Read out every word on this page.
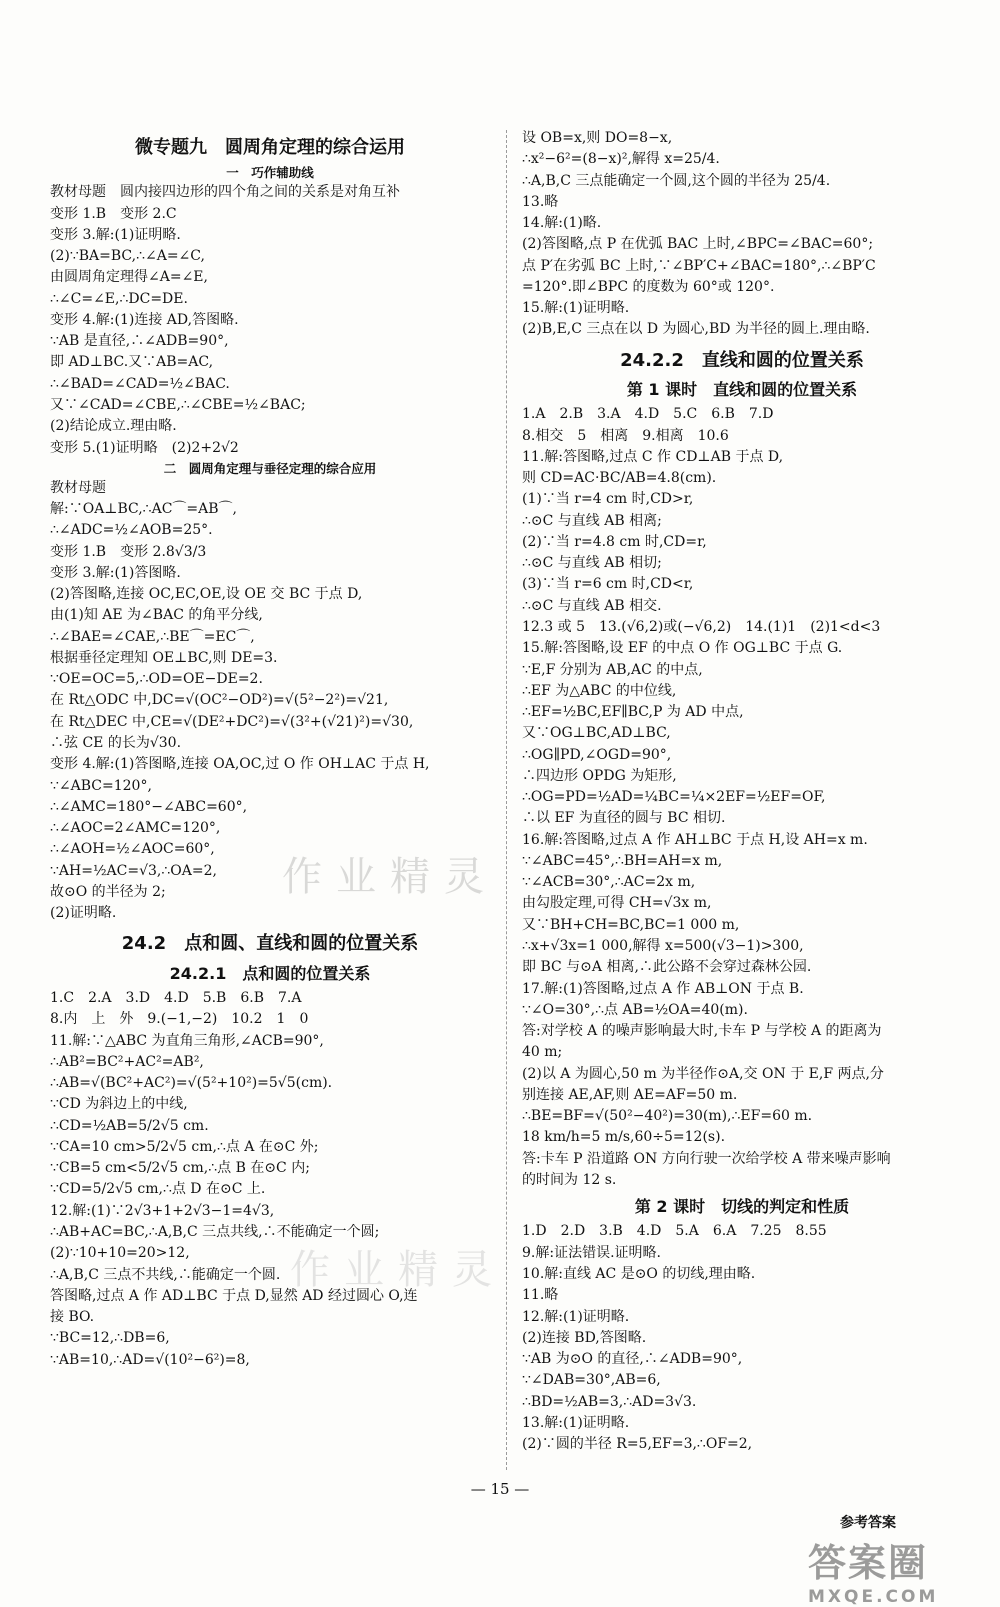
微专题九　圆周角定理的综合运用
一　巧作辅助线
教材母题　圆内接四边形的四个角之间的关系是对角互补
变形 1.B　变形 2.C
变形 3.解:(1)证明略.
(2)∵BA=BC,∴∠A=∠C,
由圆周角定理得∠A=∠E,
∴∠C=∠E,∴DC=DE.
变形 4.解:(1)连接 AD,答图略.
∵AB 是直径,∴∠ADB=90°,
即 AD⊥BC.又∵AB=AC,
∴∠BAD=∠CAD=½∠BAC.
又∵∠CAD=∠CBE,∴∠CBE=½∠BAC;
(2)结论成立.理由略.
变形 5.(1)证明略　(2)2+2√2
二　圆周角定理与垂径定理的综合应用
教材母题
解:∵OA⊥BC,∴AC⌒=AB⌒,
∴∠ADC=½∠AOB=25°.
变形 1.B　变形 2.8√3/3
变形 3.解:(1)答图略.
(2)答图略,连接 OC,EC,OE,设 OE 交 BC 于点 D,
由(1)知 AE 为∠BAC 的角平分线,
∴∠BAE=∠CAE,∴BE⌒=EC⌒,
根据垂径定理知 OE⊥BC,则 DE=3.
∵OE=OC=5,∴OD=OE−DE=2.
在 Rt△ODC 中,DC=√(OC²−OD²)=√(5²−2²)=√21,
在 Rt△DEC 中,CE=√(DE²+DC²)=√(3²+(√21)²)=√30,
∴弦 CE 的长为√30.
变形 4.解:(1)答图略,连接 OA,OC,过 O 作 OH⊥AC 于点 H,
∵∠ABC=120°,
∴∠AMC=180°−∠ABC=60°,
∴∠AOC=2∠AMC=120°,
∴∠AOH=½∠AOC=60°,
∵AH=½AC=√3,∴OA=2,
故⊙O 的半径为 2;
(2)证明略.
24.2　点和圆、直线和圆的位置关系
24.2.1　点和圆的位置关系
1.C　2.A　3.D　4.D　5.B　6.B　7.A
8.内　上　外　9.(−1,−2)　10.2　1　0
11.解:∵△ABC 为直角三角形,∠ACB=90°,
∴AB²=BC²+AC²=AB²,
∴AB=√(BC²+AC²)=√(5²+10²)=5√5(cm).
∵CD 为斜边上的中线,
∴CD=½AB=5/2√5 cm.
∵CA=10 cm>5/2√5 cm,∴点 A 在⊙C 外;
∵CB=5 cm<5/2√5 cm,∴点 B 在⊙C 内;
∵CD=5/2√5 cm,∴点 D 在⊙C 上.
12.解:(1)∵2√3+1+2√3−1=4√3,
∴AB+AC=BC,∴A,B,C 三点共线,∴不能确定一个圆;
(2)∵10+10=20>12,
∴A,B,C 三点不共线,∴能确定一个圆.
答图略,过点 A 作 AD⊥BC 于点 D,显然 AD 经过圆心 O,连
接 BO.
∵BC=12,∴DB=6,
∵AB=10,∴AD=√(10²−6²)=8,
设 OB=x,则 DO=8−x,
∴x²−6²=(8−x)²,解得 x=25/4.
∴A,B,C 三点能确定一个圆,这个圆的半径为 25/4.
13.略
14.解:(1)略.
(2)答图略,点 P 在优弧 BAC 上时,∠BPC=∠BAC=60°;
点 P′在劣弧 BC 上时,∵∠BP′C+∠BAC=180°,∴∠BP′C
=120°.即∠BPC 的度数为 60°或 120°.
15.解:(1)证明略.
(2)B,E,C 三点在以 D 为圆心,BD 为半径的圆上.理由略.
24.2.2　直线和圆的位置关系
第 1 课时　直线和圆的位置关系
1.A　2.B　3.A　4.D　5.C　6.B　7.D
8.相交　5　相离　9.相离　10.6
11.解:答图略,过点 C 作 CD⊥AB 于点 D,
则 CD=AC·BC/AB=4.8(cm).
(1)∵当 r=4 cm 时,CD>r,
∴⊙C 与直线 AB 相离;
(2)∵当 r=4.8 cm 时,CD=r,
∴⊙C 与直线 AB 相切;
(3)∵当 r=6 cm 时,CD<r,
∴⊙C 与直线 AB 相交.
12.3 或 5　13.(√6,2)或(−√6,2)　14.(1)1　(2)1<d<3
15.解:答图略,设 EF 的中点 O 作 OG⊥BC 于点 G.
∵E,F 分别为 AB,AC 的中点,
∴EF 为△ABC 的中位线,
∴EF=½BC,EF∥BC,P 为 AD 中点,
又∵OG⊥BC,AD⊥BC,
∴OG∥PD,∠OGD=90°,
∴四边形 OPDG 为矩形,
∴OG=PD=½AD=¼BC=¼×2EF=½EF=OF,
∴以 EF 为直径的圆与 BC 相切.
16.解:答图略,过点 A 作 AH⊥BC 于点 H,设 AH=x m.
∵∠ABC=45°,∴BH=AH=x m,
∵∠ACB=30°,∴AC=2x m,
由勾股定理,可得 CH=√3x m,
又∵BH+CH=BC,BC=1 000 m,
∴x+√3x=1 000,解得 x=500(√3−1)>300,
即 BC 与⊙A 相离,∴此公路不会穿过森林公园.
17.解:(1)答图略,过点 A 作 AB⊥ON 于点 B.
∵∠O=30°,∴点 AB=½OA=40(m).
答:对学校 A 的噪声影响最大时,卡车 P 与学校 A 的距离为
40 m;
(2)以 A 为圆心,50 m 为半径作⊙A,交 ON 于 E,F 两点,分
别连接 AE,AF,则 AE=AF=50 m.
∴BE=BF=√(50²−40²)=30(m),∴EF=60 m.
18 km/h=5 m/s,60÷5=12(s).
答:卡车 P 沿道路 ON 方向行驶一次给学校 A 带来噪声影响
的时间为 12 s.
第 2 课时　切线的判定和性质
1.D　2.D　3.B　4.D　5.A　6.A　7.25　8.55
9.解:证法错误.证明略.
10.解:直线 AC 是⊙O 的切线,理由略.
11.略
12.解:(1)证明略.
(2)连接 BD,答图略.
∵AB 为⊙O 的直径,∴∠ADB=90°,
∵∠DAB=30°,AB=6,
∴BD=½AB=3,∴AD=3√3.
13.解:(1)证明略.
(2)∵圆的半径 R=5,EF=3,∴OF=2,
— 15 —
参考答案
作业精灵
作业精灵
答案圈
MXQE.COM
